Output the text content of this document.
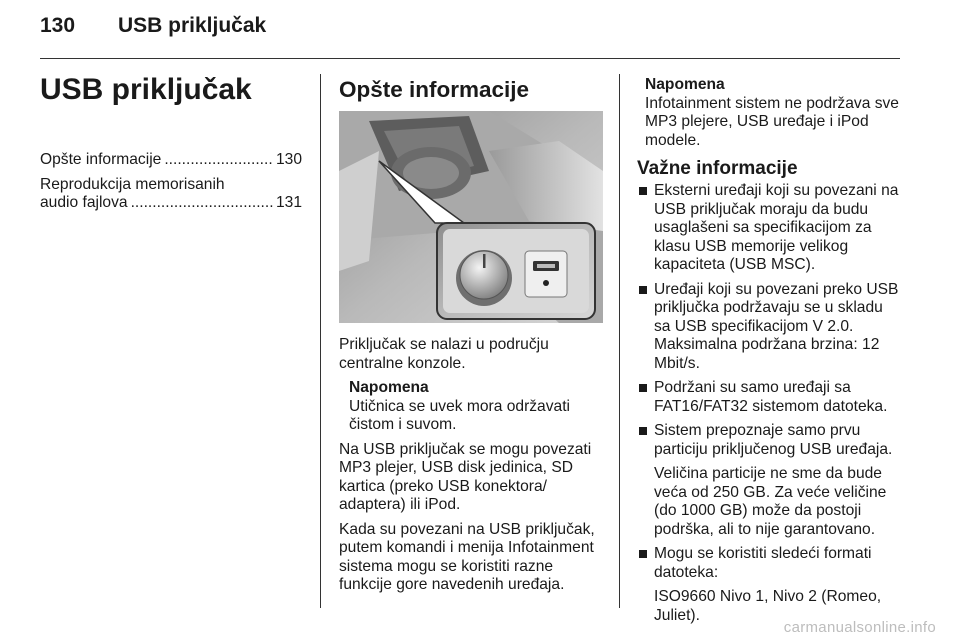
130 USB priključak
USB priključak
Opšte informacije .....	130
Reprodukcija memorisanih
audio fajlova .....	131
Opšte informacije

Priključak se nalazi u području centralne konzole.

Napomena
Utičnica se uvek mora održavati čistom i suvom.

Na USB priključak se mogu povezati MP3 plejer, USB disk jedinica, SD kartica (preko USB konektora/ adaptera) ili iPod.

Kada su povezani na USB priključak, putem komandi i menija Infotainment sistema mogu se koristiti razne funkcije gore navedenih uređaja.

Napomena
Infotainment sistem ne podržava sve MP3 plejere, USB uređaje i iPod modele.
Važne informacije
Eksterni uređaji koji su povezani na USB priključak moraju da budu usaglašeni sa specifikacijom za klasu USB memorije velikog kapaciteta (USB MSC).
Uređaji koji su povezani preko USB priključka podržavaju se u skladu sa USB specifikacijom V 2.0. Maksimalna podržana brzina: 12 Mbit/s.
Podržani su samo uređaji sa FAT16/FAT32 sistemom datoteka.
Sistem prepoznaje samo prvu particiju priključenog USB uređaja.
Veličina particije ne sme da bude veća od 250 GB. Za veće veličine (do 1000 GB) može da postoji podrška, ali to nije garantovano.
Mogu se koristiti sledeći formati datoteka:
ISO9660 Nivo 1, Nivo 2 (Romeo, Juliet).
carmanualsonline.info
